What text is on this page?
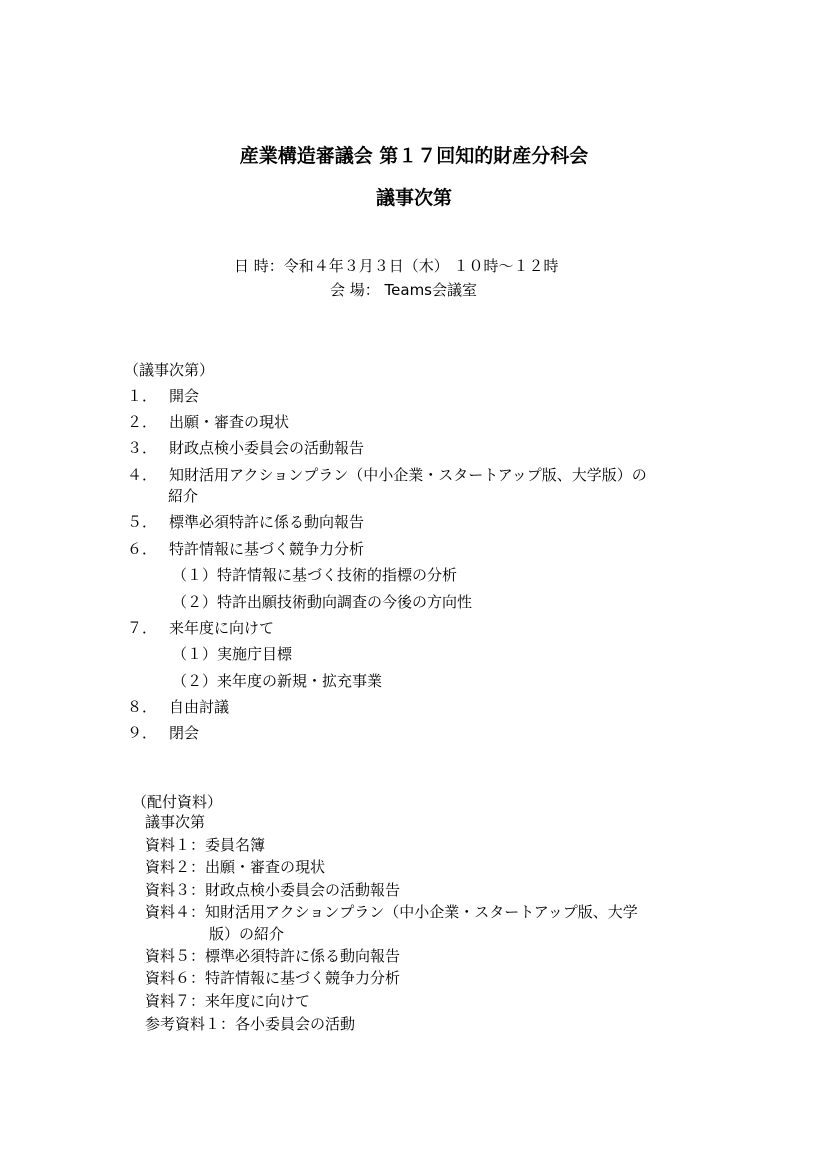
産業構造審議会 第１７回知的財産分科会
議事次第
日 時：令和４年３月３日（木） １０時～１２時
会 場： Teams会議室
（議事次第）
１． 開会
２． 出願・審査の現状
３． 財政点検小委員会の活動報告
４． 知財活用アクションプラン（中小企業・スタートアップ版、大学版）の
紹介
５． 標準必須特許に係る動向報告
６． 特許情報に基づく競争力分析
（１）特許情報に基づく技術的指標の分析
（２）特許出願技術動向調査の今後の方向性
７． 来年度に向けて
（１）実施庁目標
（２）来年度の新規・拡充事業
８． 自由討議
９． 閉会
（配付資料）
議事次第
資料１：委員名簿
資料２：出願・審査の現状
資料３：財政点検小委員会の活動報告
資料４：知財活用アクションプラン（中小企業・スタートアップ版、大学
版）の紹介
資料５：標準必須特許に係る動向報告
資料６：特許情報に基づく競争力分析
資料７：来年度に向けて
参考資料１：各小委員会の活動
